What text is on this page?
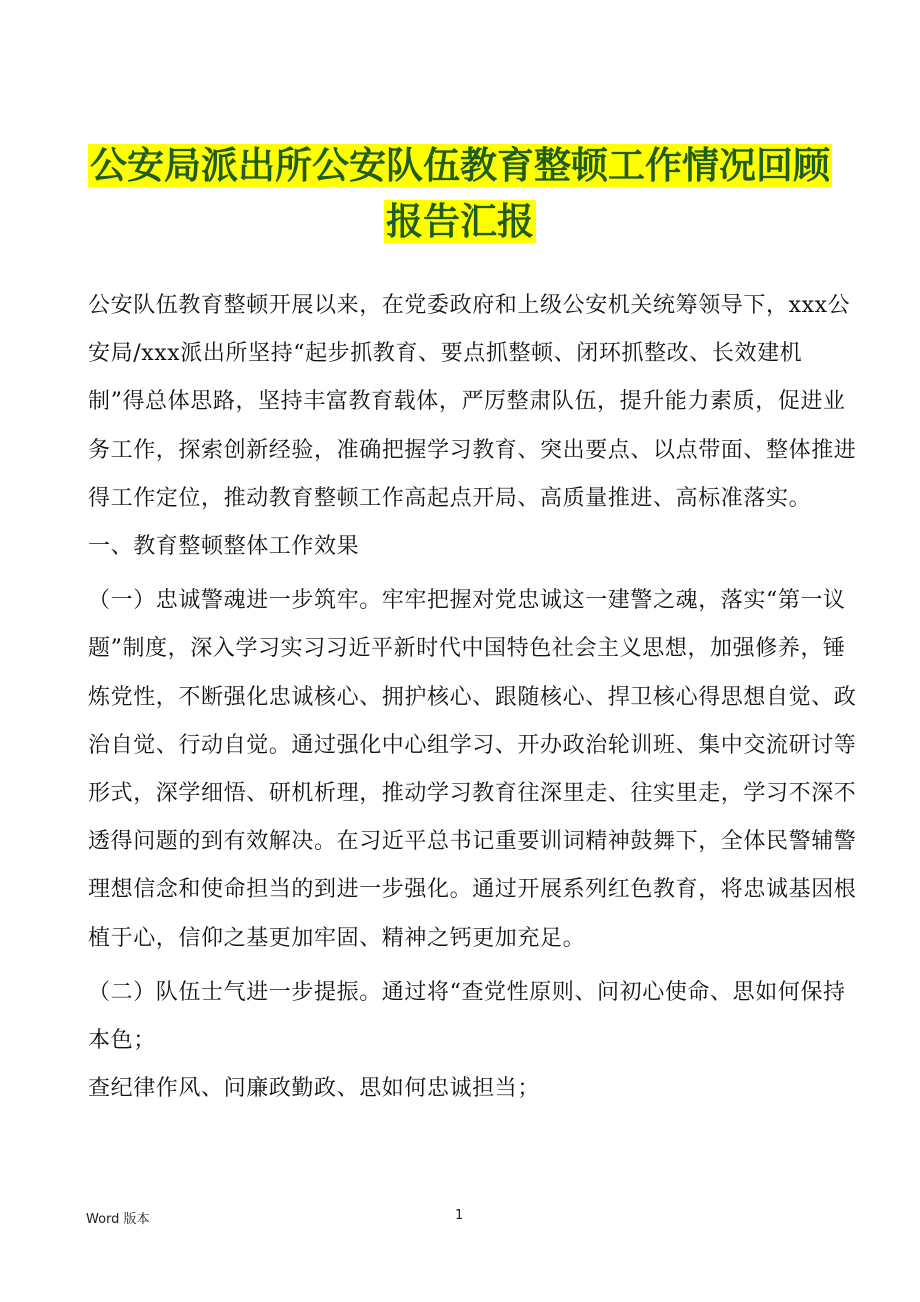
公安局派出所公安队伍教育整顿工作情况回顾
报告汇报

公安队伍教育整顿开展以来，在党委政府和上级公安机关统筹领导下，xxx公安局/xxx派出所坚持“起步抓教育、要点抓整顿、闭环抓整改、长效建机制”得总体思路，坚持丰富教育载体，严厉整肃队伍，提升能力素质，促进业务工作，探索创新经验，准确把握学习教育、突出要点、以点带面、整体推进得工作定位，推动教育整顿工作高起点开局、高质量推进、高标准落实。

一、教育整顿整体工作效果

（一）忠诚警魂进一步筑牢。牢牢把握对党忠诚这一建警之魂，落实“第一议题”制度，深入学习实习习近平新时代中国特色社会主义思想，加强修养，锤炼党性，不断强化忠诚核心、拥护核心、跟随核心、捍卫核心得思想自觉、政治自觉、行动自觉。通过强化中心组学习、开办政治轮训班、集中交流研讨等形式，深学细悟、研机析理，推动学习教育往深里走、往实里走，学习不深不透得问题的到有效解决。在习近平总书记重要训词精神鼓舞下，全体民警辅警理想信念和使命担当的到进一步强化。通过开展系列红色教育，将忠诚基因根植于心，信仰之基更加牢固、精神之钙更加充足。

（二）队伍士气进一步提振。通过将“查党性原则、问初心使命、思如何保持本色；

查纪律作风、问廉政勤政、思如何忠诚担当；

Word 版本	1
